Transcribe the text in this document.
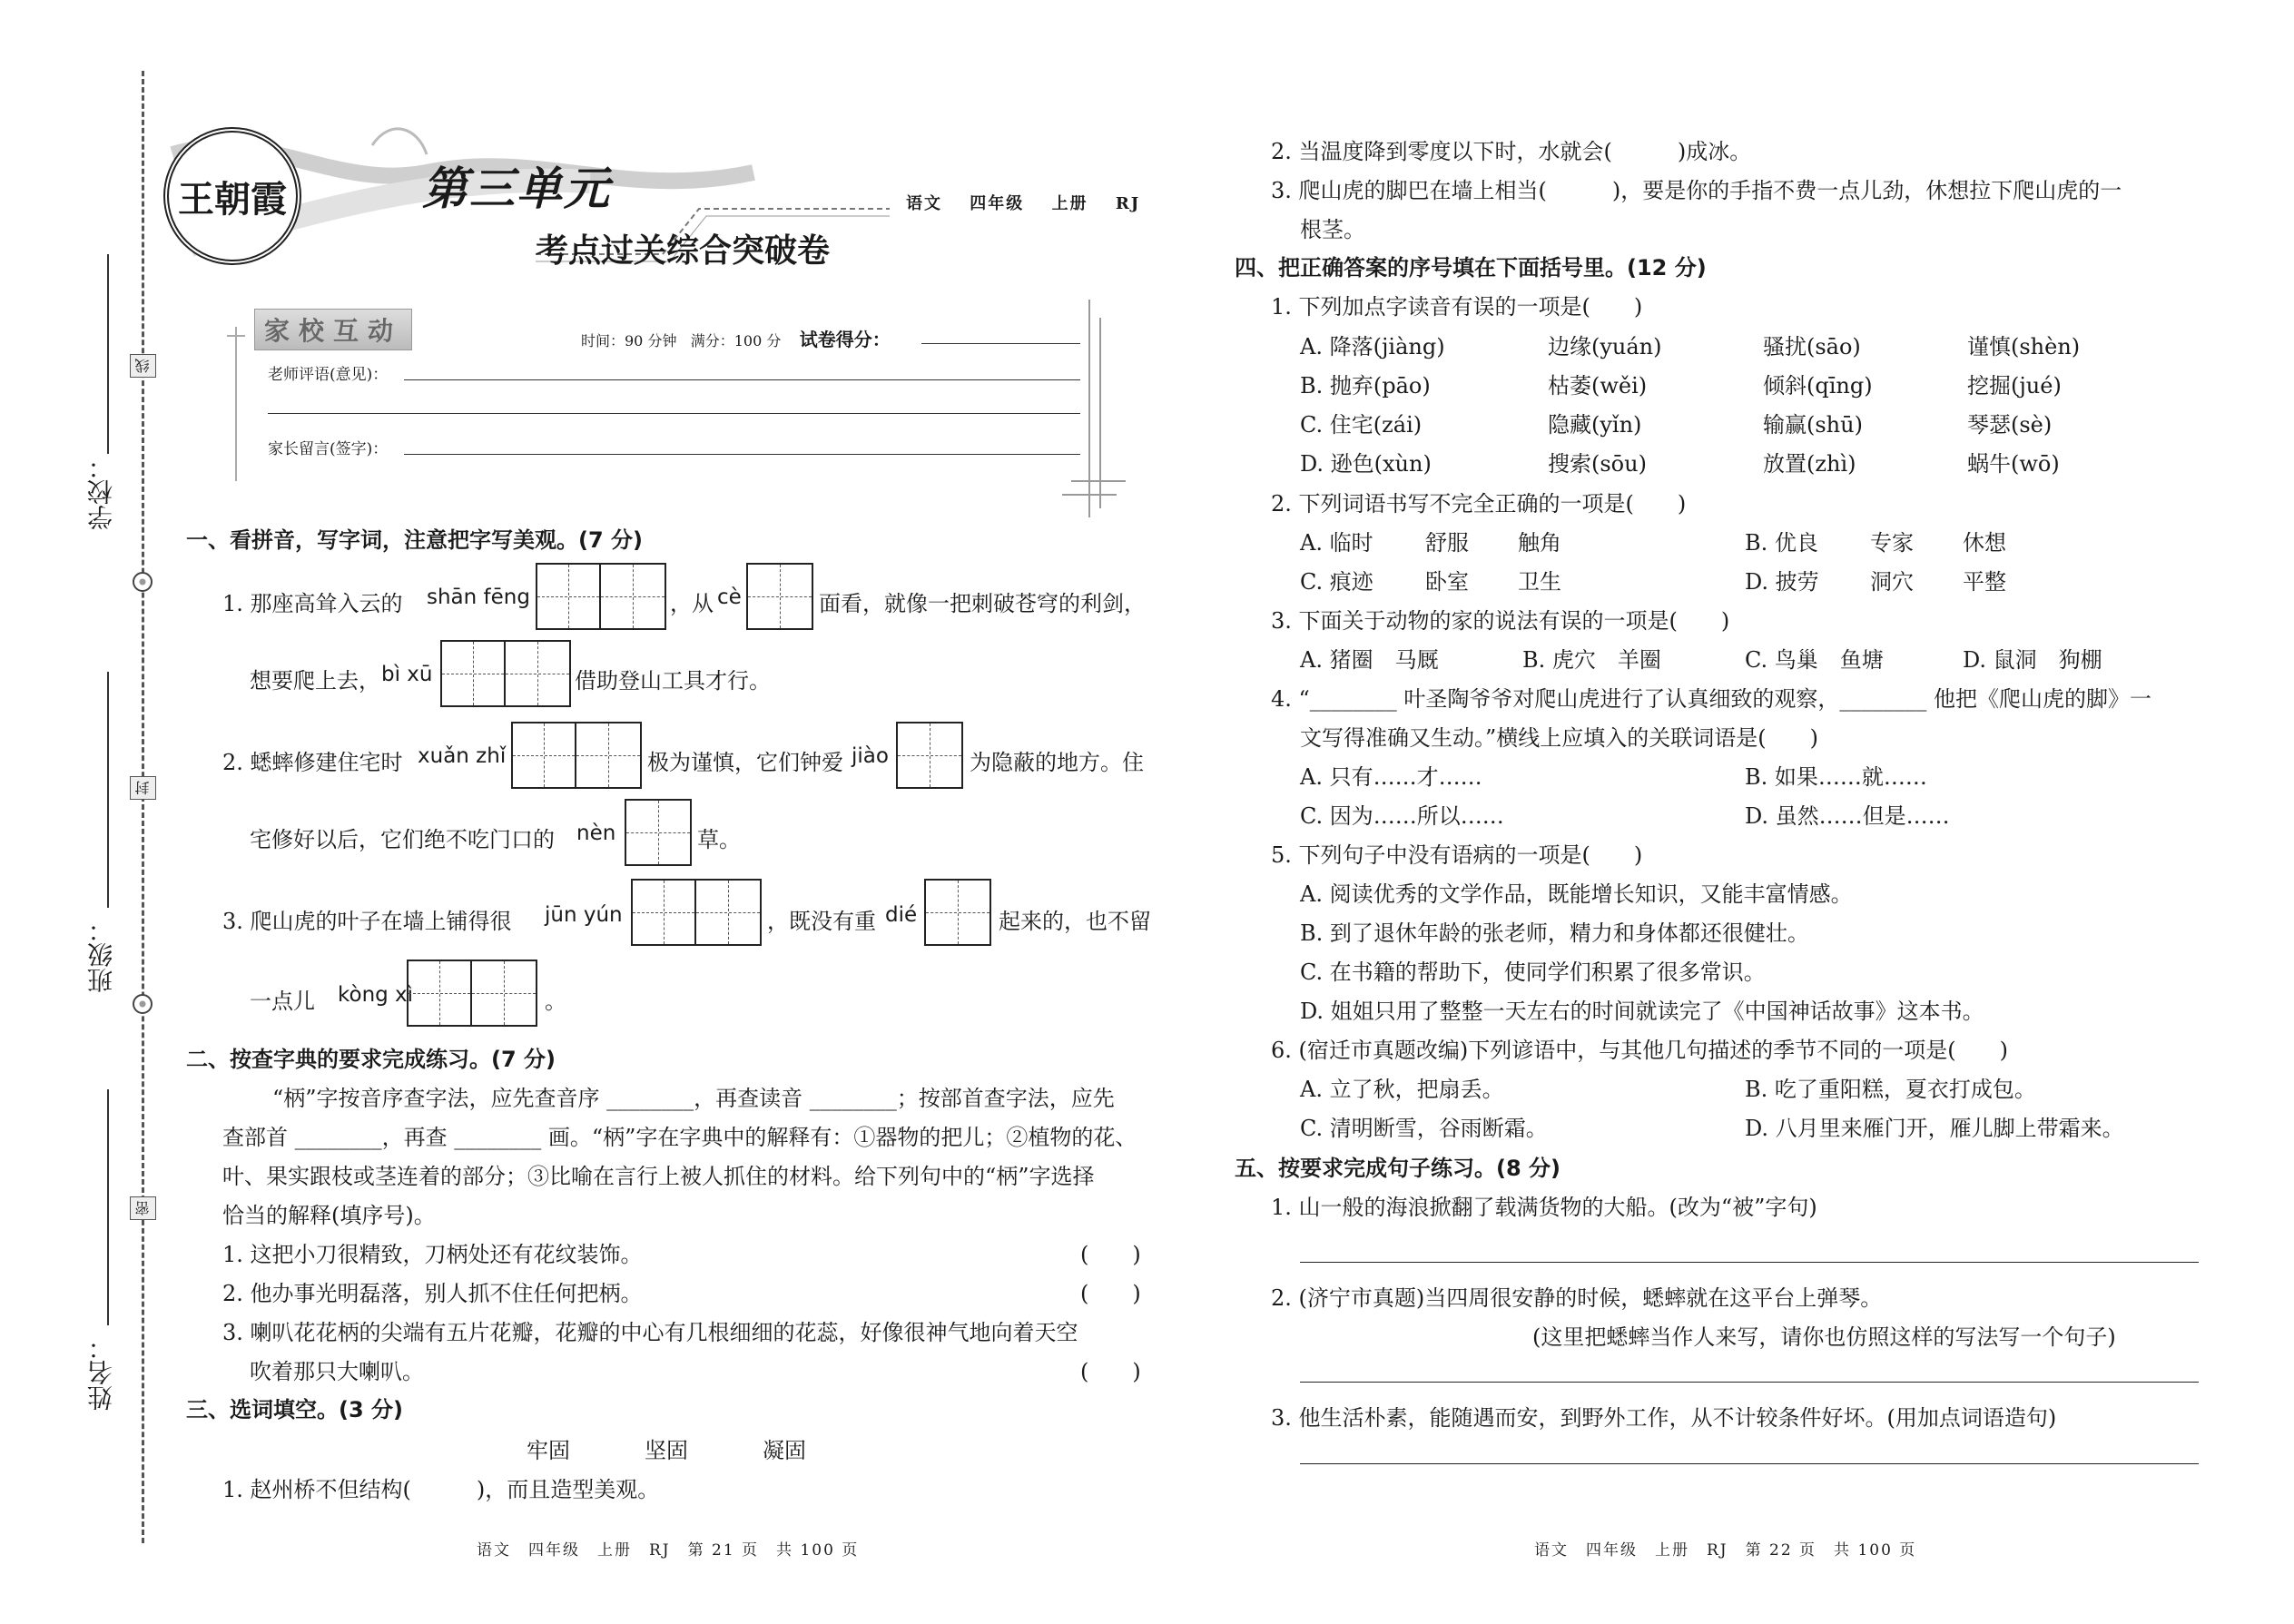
学校：
线
班级：
封
姓名：
密
王朝霞	第三单元
考点过关综合突破卷
语文 四年级 上册 RJ
家校互动	时间：90 分钟 满分：100 分 试卷得分：
老师评语(意见)：
家长留言(签字)：
一、看拼音，写字词，注意把字写美观。(7 分)
1. 那座高耸入云的 shān fēng	，从 cè	面看，就像一把刺破苍穹的利剑，
想要爬上去， bì xū	借助登山工具才行。
2. 蟋蟀修建住宅时 xuǎn zhǐ	极为谨慎，它们钟爱 jiào	为隐蔽的地方。住
宅修好以后，它们绝不吃门口的 nèn	草。
3. 爬山虎的叶子在墙上铺得很 jūn yún	，既没有重 dié	起来的，也不留
一点儿 kòng xì	。
二、按查字典的要求完成练习。(7 分)
“柄”字按音序查字法，应先查音序 ________，再查读音 ________；按部首查字法，应先
查部首 ________，再查 ________ 画。“柄”字在字典中的解释有：①器物的把儿；②植物的花、
叶、果实跟枝或茎连着的部分；③比喻在言行上被人抓住的材料。给下列句中的“柄”字选择
恰当的解释(填序号)。
1. 这把小刀很精致，刀柄处还有花纹装饰。	(　　)
2. 他办事光明磊落，别人抓不住任何把柄。	(　　)
3. 喇叭花花柄的尖端有五片花瓣，花瓣的中心有几根细细的花蕊，好像很神气地向着天空
吹着那只大喇叭。	(　　)
三、选词填空。(3 分)
牢固	坚固	凝固
1. 赵州桥不但结构(　　　)，而且造型美观。
语文　四年级　上册　RJ　第 21 页　共 100 页
2. 当温度降到零度以下时，水就会(　　　)成冰。
3. 爬山虎的脚巴在墙上相当(　　　)，要是你的手指不费一点儿劲，休想拉下爬山虎的一
根茎。
四、把正确答案的序号填在下面括号里。(12 分)
1. 下列加点字读音有误的一项是(　　)
A. 降落(jiàng)	边缘(yuán)	骚扰(sāo)	谨慎(shèn)
B. 抛弃(pāo)	枯萎(wěi)	倾斜(qīng)	挖掘(jué)
C. 住宅(zái)	隐藏(yǐn)	输赢(shū)	琴瑟(sè)
D. 逊色(xùn)	搜索(sōu)	放置(zhì)	蜗牛(wō)
2. 下列词语书写不完全正确的一项是(　　)
A. 临时 舒服 触角	B. 优良 专家 休想
C. 痕迹 卧室 卫生	D. 披劳 洞穴 平整
3. 下面关于动物的家的说法有误的一项是(　　)
A. 猪圈　马厩	B. 虎穴　羊圈	C. 鸟巢　鱼塘	D. 鼠洞　狗棚
4. “________ 叶圣陶爷爷对爬山虎进行了认真细致的观察，________ 他把《爬山虎的脚》一
文写得准确又生动。”横线上应填入的关联词语是(　　)
A. 只有……才……	B. 如果……就……
C. 因为……所以……	D. 虽然……但是……
5. 下列句子中没有语病的一项是(　　)
A. 阅读优秀的文学作品，既能增长知识，又能丰富情感。
B. 到了退休年龄的张老师，精力和身体都还很健壮。
C. 在书籍的帮助下，使同学们积累了很多常识。
D. 姐姐只用了整整一天左右的时间就读完了《中国神话故事》这本书。
6. (宿迁市真题改编)下列谚语中，与其他几句描述的季节不同的一项是(　　)
A. 立了秋，把扇丢。	B. 吃了重阳糕，夏衣打成包。
C. 清明断雪，谷雨断霜。	D. 八月里来雁门开，雁儿脚上带霜来。
五、按要求完成句子练习。(8 分)
1. 山一般的海浪掀翻了载满货物的大船。(改为“被”字句)
2. (济宁市真题)当四周很安静的时候，蟋蟀就在这平台上弹琴。
(这里把蟋蟀当作人来写，请你也仿照这样的写法写一个句子)
3. 他生活朴素，能随遇而安，到野外工作，从不计较条件好坏。(用加点词语造句)
语文　四年级　上册　RJ　第 22 页　共 100 页
